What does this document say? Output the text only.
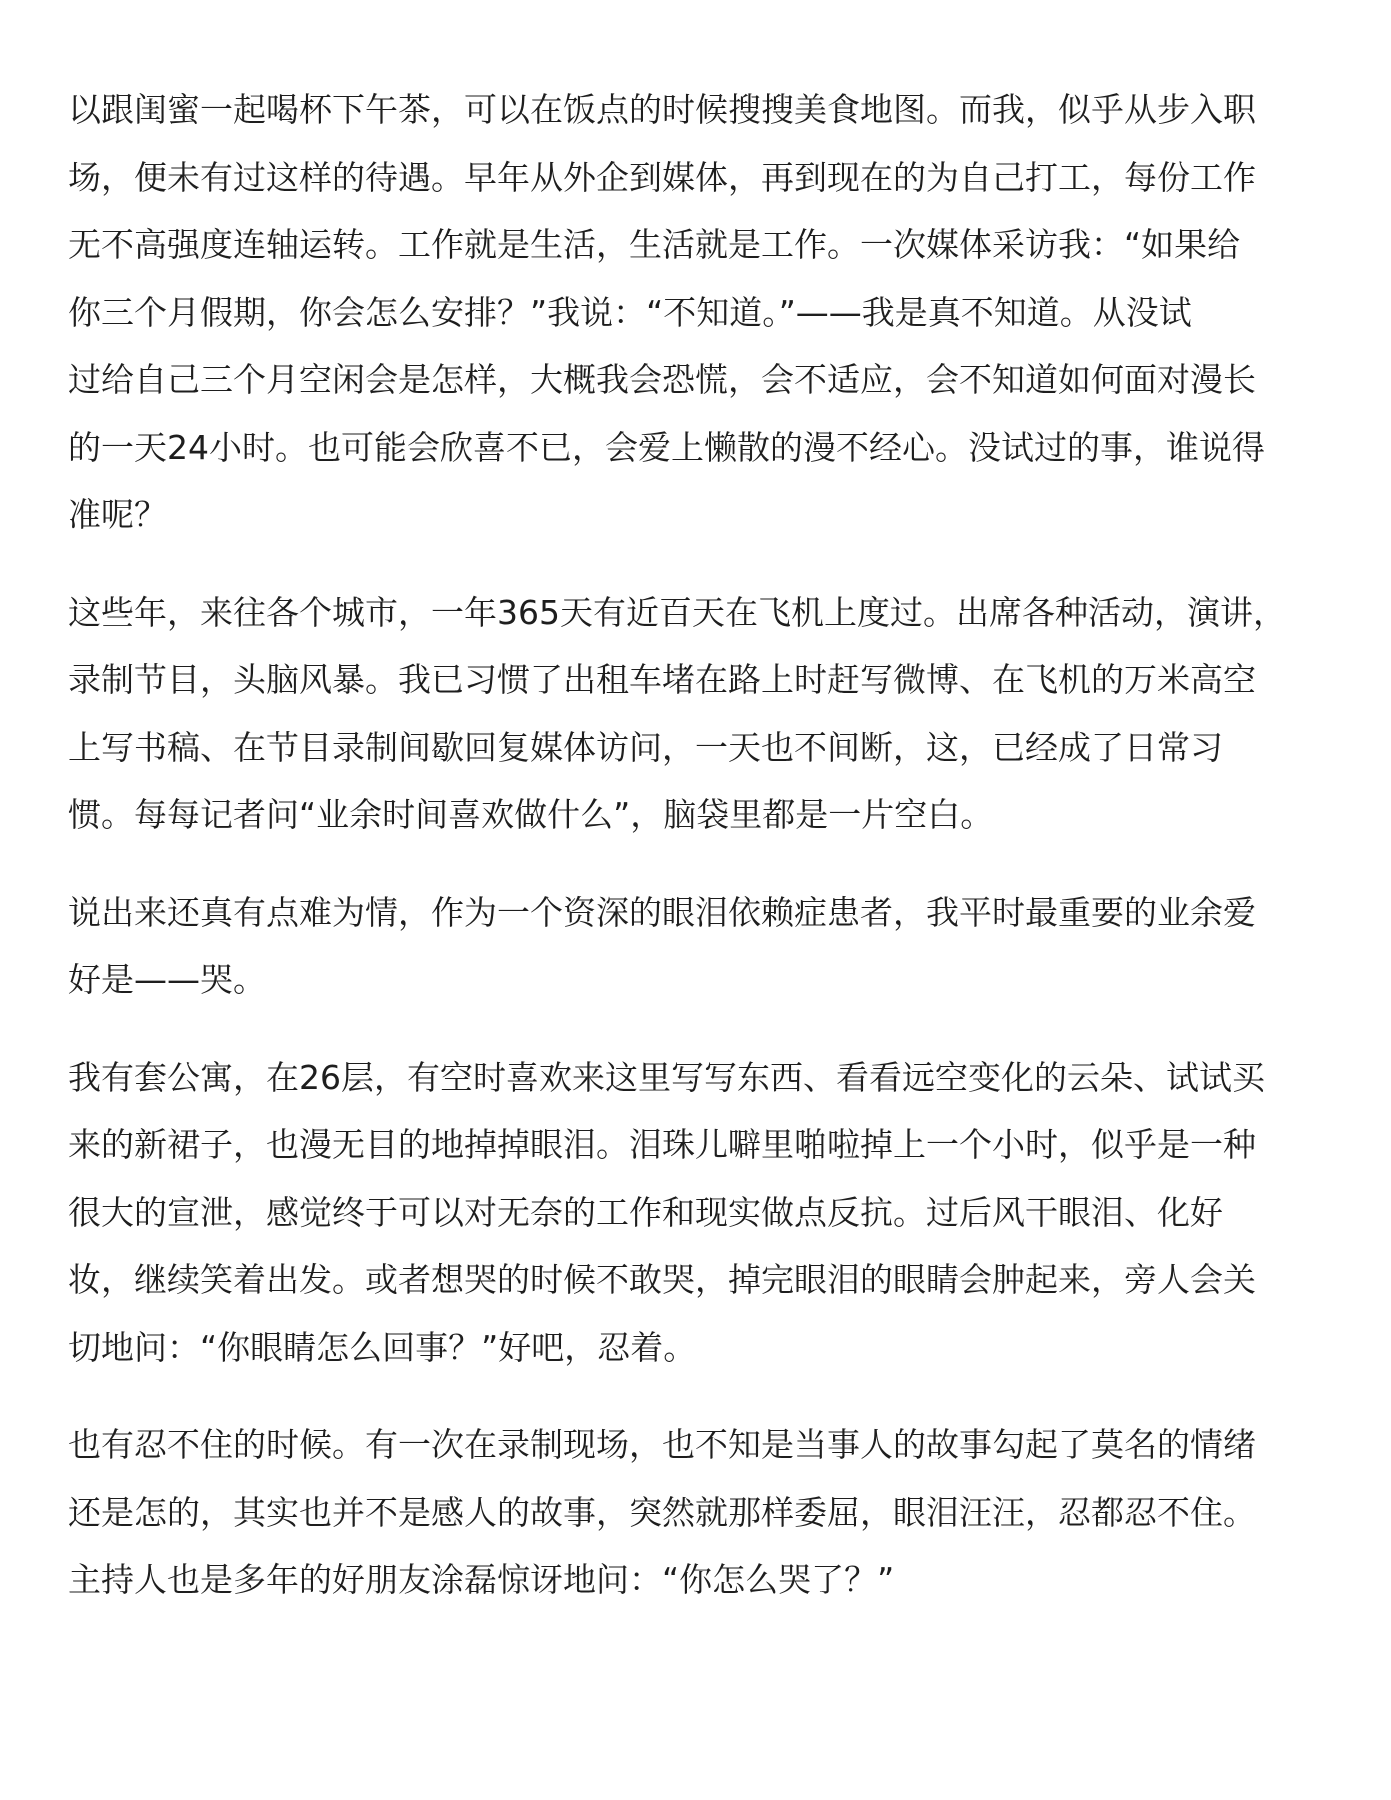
以跟闺蜜一起喝杯下午茶，可以在饭点的时候搜搜美食地图。而我，似乎从步入职
场，便未有过这样的待遇。早年从外企到媒体，再到现在的为自己打工，每份工作
无不高强度连轴运转。工作就是生活，生活就是工作。一次媒体采访我：“如果给
你三个月假期，你会怎么安排？”我说：“不知道。”——我是真不知道。从没试
过给自己三个月空闲会是怎样，大概我会恐慌，会不适应，会不知道如何面对漫长
的一天24小时。也可能会欣喜不已，会爱上懒散的漫不经心。没试过的事，谁说得
准呢？

这些年，来往各个城市，一年365天有近百天在飞机上度过。出席各种活动，演讲，
录制节目，头脑风暴。我已习惯了出租车堵在路上时赶写微博、在飞机的万米高空
上写书稿、在节目录制间歇回复媒体访问，一天也不间断，这，已经成了日常习
惯。每每记者问“业余时间喜欢做什么”，脑袋里都是一片空白。

说出来还真有点难为情，作为一个资深的眼泪依赖症患者，我平时最重要的业余爱
好是——哭。

我有套公寓，在26层，有空时喜欢来这里写写东西、看看远空变化的云朵、试试买
来的新裙子，也漫无目的地掉掉眼泪。泪珠儿噼里啪啦掉上一个小时，似乎是一种
很大的宣泄，感觉终于可以对无奈的工作和现实做点反抗。过后风干眼泪、化好
妆，继续笑着出发。或者想哭的时候不敢哭，掉完眼泪的眼睛会肿起来，旁人会关
切地问：“你眼睛怎么回事？”好吧，忍着。

也有忍不住的时候。有一次在录制现场，也不知是当事人的故事勾起了莫名的情绪
还是怎的，其实也并不是感人的故事，突然就那样委屈，眼泪汪汪，忍都忍不住。
主持人也是多年的好朋友涂磊惊讶地问：“你怎么哭了？”
